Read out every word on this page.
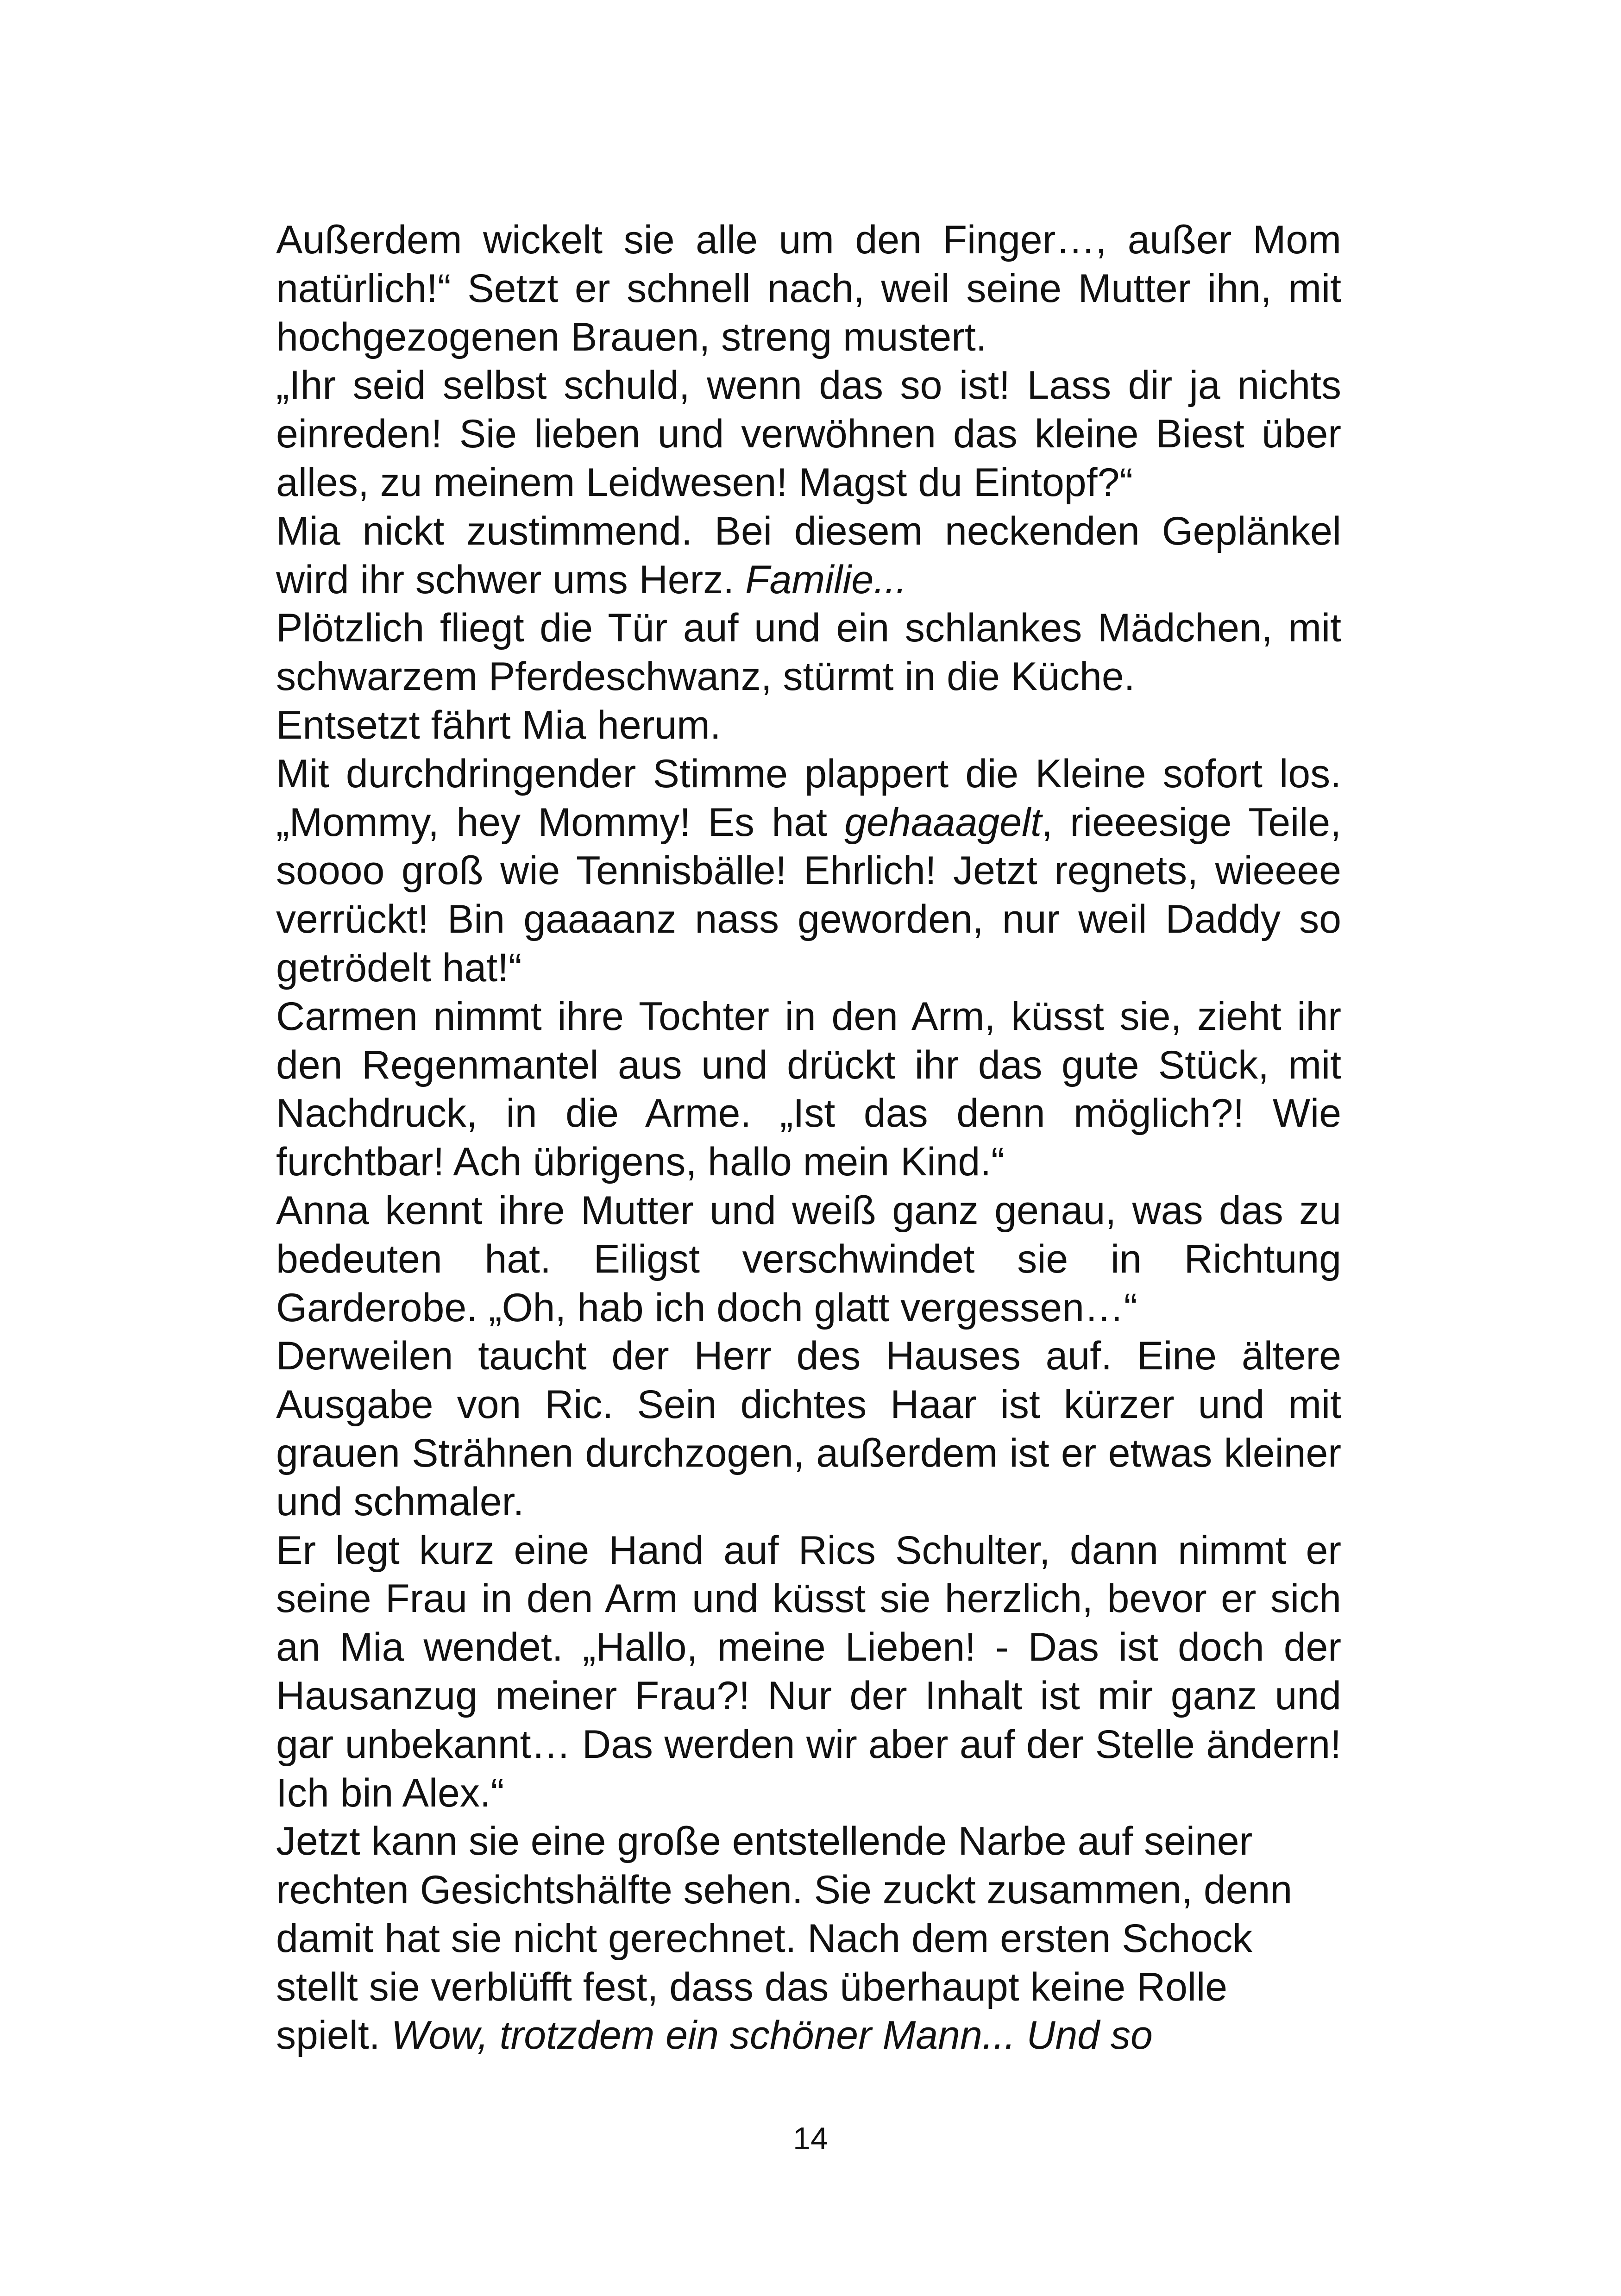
Außerdem wickelt sie alle um den Finger…, außer Mom natürlich!“ Setzt er schnell nach, weil seine Mutter ihn, mit hochgezogenen Brauen, streng mustert.

„Ihr seid selbst schuld, wenn das so ist! Lass dir ja nichts einreden! Sie lieben und verwöhnen das kleine Biest über alles, zu meinem Leidwesen! Magst du Eintopf?“

Mia nickt zustimmend. Bei diesem neckenden Geplänkel wird ihr schwer ums Herz. Familie...

Plötzlich fliegt die Tür auf und ein schlankes Mädchen, mit schwarzem Pferdeschwanz, stürmt in die Küche.

Entsetzt fährt Mia herum.

Mit durchdringender Stimme plappert die Kleine sofort los. „Mommy, hey Mommy! Es hat gehaaagelt, rieeesige Teile, soooo groß wie Tennisbälle! Ehrlich! Jetzt regnets, wieeee verrückt! Bin gaaaanz nass geworden, nur weil Daddy so getrödelt hat!“

Carmen nimmt ihre Tochter in den Arm, küsst sie, zieht ihr den Regenmantel aus und drückt ihr das gute Stück, mit Nachdruck, in die Arme. „Ist das denn möglich?! Wie furchtbar! Ach übrigens, hallo mein Kind.“

Anna kennt ihre Mutter und weiß ganz genau, was das zu bedeuten hat. Eiligst verschwindet sie in Richtung Garderobe. „Oh, hab ich doch glatt vergessen…“

Derweilen taucht der Herr des Hauses auf. Eine ältere Ausgabe von Ric. Sein dichtes Haar ist kürzer und mit grauen Strähnen durchzogen, außerdem ist er etwas kleiner und schmaler.

Er legt kurz eine Hand auf Rics Schulter, dann nimmt er seine Frau in den Arm und küsst sie herzlich, bevor er sich an Mia wendet. „Hallo, meine Lieben! - Das ist doch der Hausanzug meiner Frau?! Nur der Inhalt ist mir ganz und gar unbekannt… Das werden wir aber auf der Stelle ändern! Ich bin Alex.“

Jetzt kann sie eine große entstellende Narbe auf seiner rechten Gesichtshälfte sehen. Sie zuckt zusammen, denn damit hat sie nicht gerechnet. Nach dem ersten Schock stellt sie verblüfft fest, dass das überhaupt keine Rolle spielt. Wow, trotzdem ein schöner Mann... Und so

14
